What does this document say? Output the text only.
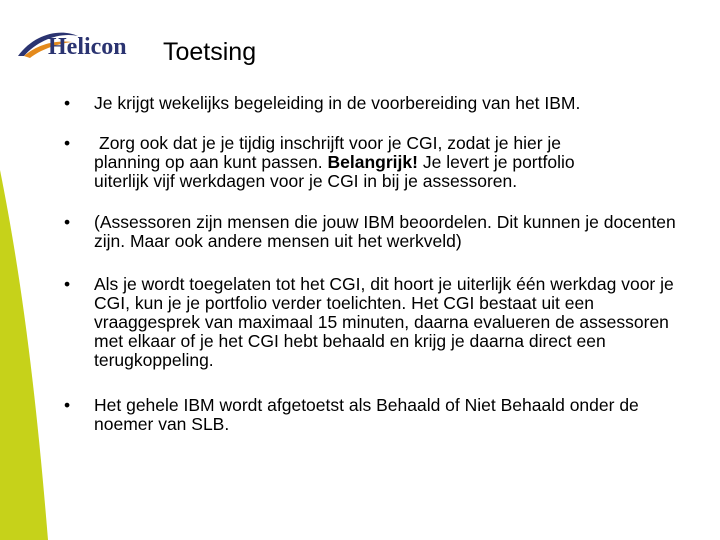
Helicon Toetsing
• Je krijgt wekelijks begeleiding in de voorbereiding van het IBM.
• Zorg ook dat je je tijdig inschrijft voor je CGI, zodat je hier je
planning op aan kunt passen. Belangrijk! Je levert je portfolio
uiterlijk vijf werkdagen voor je CGI in bij je assessoren.
• (Assessoren zijn mensen die jouw IBM beoordelen. Dit kunnen je docenten zijn. Maar ook andere mensen uit het werkveld)
• Als je wordt toegelaten tot het CGI, dit hoort je uiterlijk één werkdag voor je CGI, kun je je portfolio verder toelichten. Het CGI bestaat uit een vraaggesprek van maximaal 15 minuten, daarna evalueren de assessoren met elkaar of je het CGI hebt behaald en krijg je daarna direct een terugkoppeling.
• Het gehele IBM wordt afgetoetst als Behaald of Niet Behaald onder de noemer van SLB.
